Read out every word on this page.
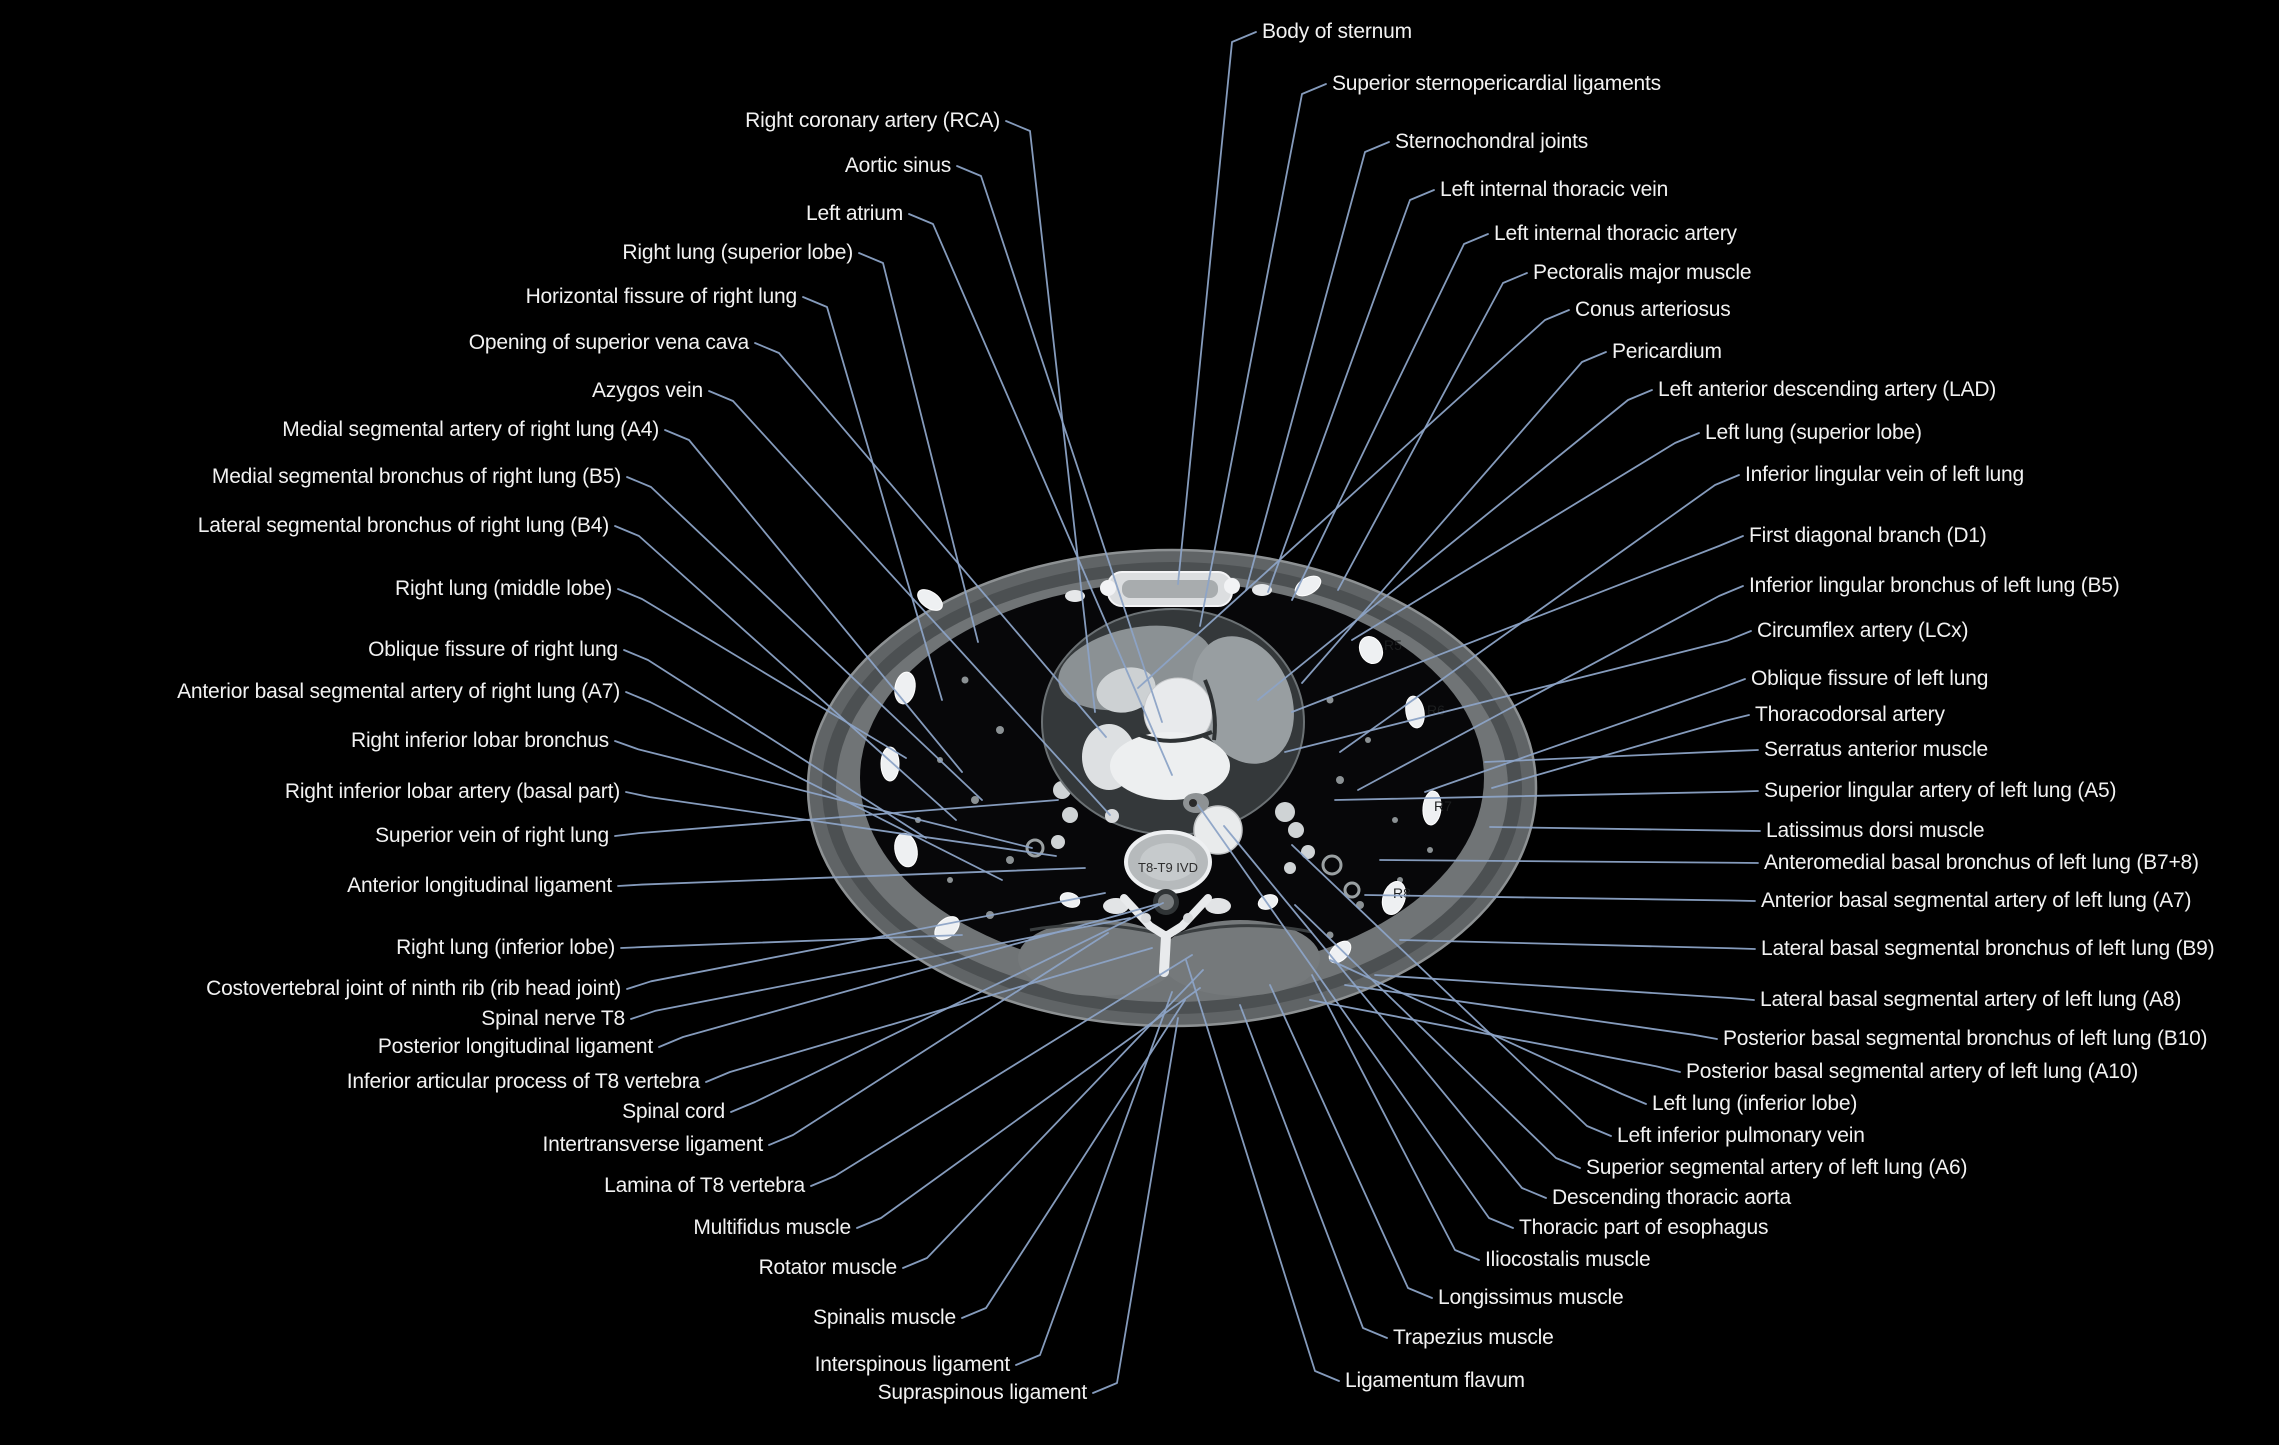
T8-T9 IVD
R5
R6
R7
R8
Right coronary artery (RCA)
Aortic sinus
Left atrium
Right lung (superior lobe)
Horizontal fissure of right lung
Opening of superior vena cava
Azygos vein
Medial segmental artery of right lung (A4)
Medial segmental bronchus of right lung (B5)
Lateral segmental bronchus of right lung (B4)
Right lung (middle lobe)
Oblique fissure of right lung
Anterior basal segmental artery of right lung (A7)
Right inferior lobar bronchus
Right inferior lobar artery (basal part)
Superior vein of right lung
Anterior longitudinal ligament
Right lung (inferior lobe)
Costovertebral joint of ninth rib (rib head joint)
Spinal nerve T8
Posterior longitudinal ligament
Inferior articular process of T8 vertebra
Spinal cord
Intertransverse ligament
Lamina of T8 vertebra
Multifidus muscle
Rotator muscle
Spinalis muscle
Interspinous ligament
Supraspinous ligament
Body of sternum
Superior sternopericardial ligaments
Sternochondral joints
Left internal thoracic vein
Left internal thoracic artery
Pectoralis major muscle
Conus arteriosus
Pericardium
Left anterior descending artery (LAD)
Left lung (superior lobe)
Inferior lingular vein of left lung
First diagonal branch (D1)
Inferior lingular bronchus of left lung (B5)
Circumflex artery (LCx)
Oblique fissure of left lung
Thoracodorsal artery
Serratus anterior muscle
Superior lingular artery of left lung (A5)
Latissimus dorsi muscle
Anteromedial basal bronchus of left lung (B7+8)
Anterior basal segmental artery of left lung (A7)
Lateral basal segmental bronchus of left lung (B9)
Lateral basal segmental artery of left lung (A8)
Posterior basal segmental bronchus of left lung (B10)
Posterior basal segmental artery of left lung (A10)
Left lung (inferior lobe)
Left inferior pulmonary vein
Superior segmental artery of left lung (A6)
Descending thoracic aorta
Thoracic part of esophagus
Iliocostalis muscle
Longissimus muscle
Trapezius muscle
Ligamentum flavum
